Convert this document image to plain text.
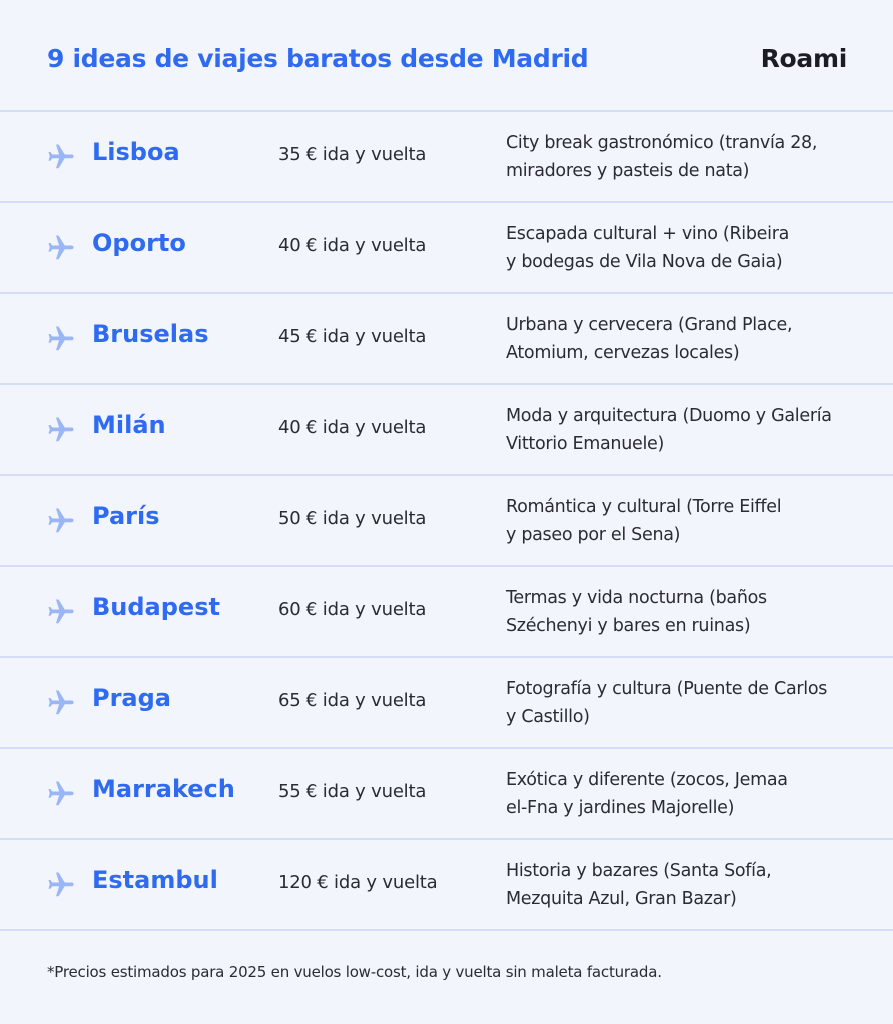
9 ideas de viajes baratos desde Madrid	Roami
Lisboa	35 € ida y vuelta
City break gastronómico (tranvía 28,
miradores y pasteis de nata)
Oporto	40 € ida y vuelta
Escapada cultural + vino (Ribeira
y bodegas de Vila Nova de Gaia)
Bruselas	45 € ida y vuelta
Urbana y cervecera (Grand Place,
Atomium, cervezas locales)
Milán	40 € ida y vuelta
Moda y arquitectura (Duomo y Galería
Vittorio Emanuele)
París	50 € ida y vuelta
Romántica y cultural (Torre Eiffel
y paseo por el Sena)
Budapest	60 € ida y vuelta
Termas y vida nocturna (baños
Széchenyi y bares en ruinas)
Praga	65 € ida y vuelta
Fotografía y cultura (Puente de Carlos
y Castillo)
Marrakech 55 € ida y vuelta
Exótica y diferente (zocos, Jemaa
el-Fna y jardines Majorelle)
Estambul	120 € ida y vuelta
Historia y bazares (Santa Sofía,
Mezquita Azul, Gran Bazar)
*Precios estimados para 2025 en vuelos low-cost, ida y vuelta sin maleta facturada.
